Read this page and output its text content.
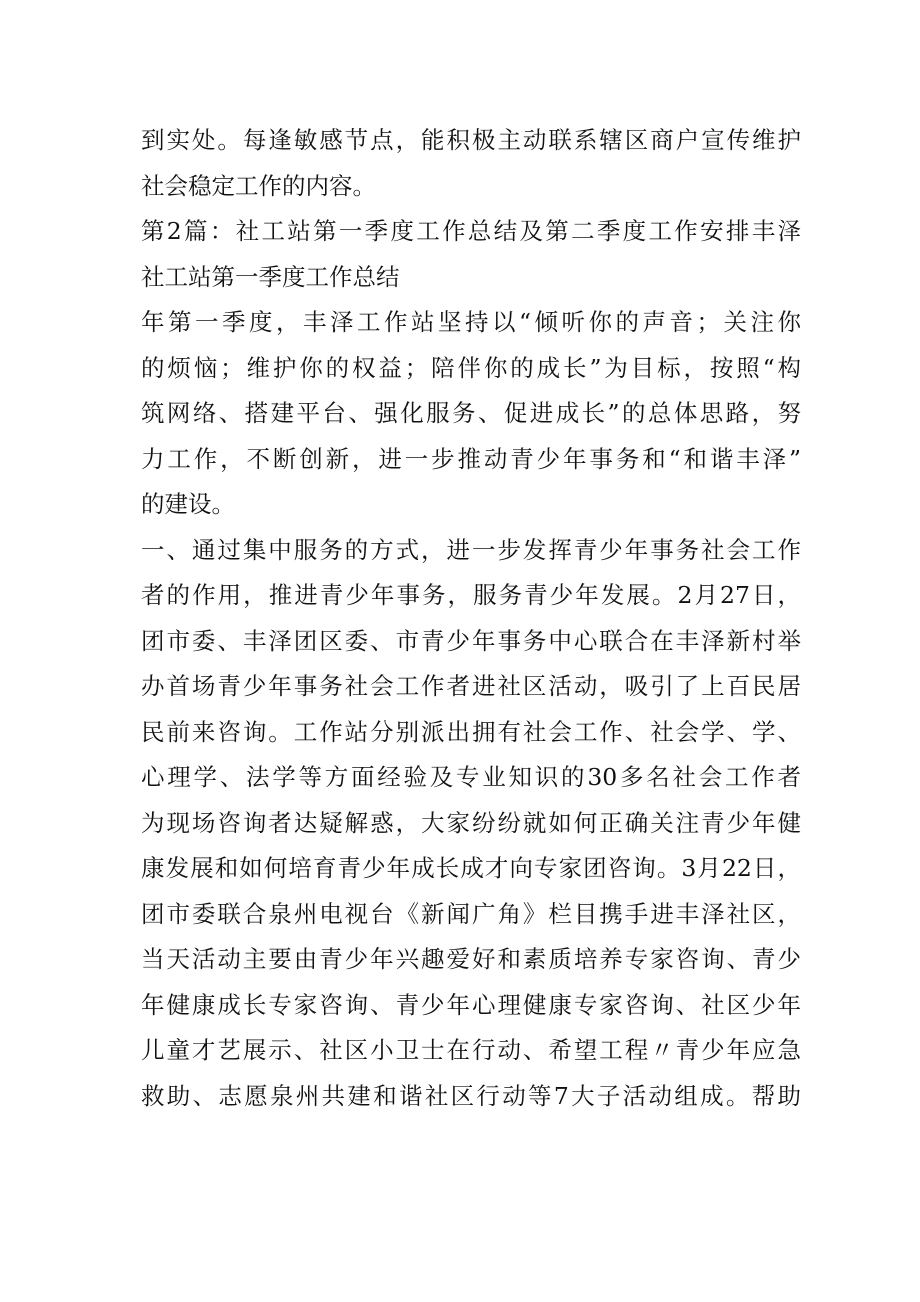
到实处。每逢敏感节点，能积极主动联系辖区商户宣传维护
社会稳定工作的内容。
第2篇：社工站第一季度工作总结及第二季度工作安排丰泽
社工站第一季度工作总结
年第一季度，丰泽工作站坚持以“倾听你的声音；关注你
的烦恼；维护你的权益；陪伴你的成长”为目标，按照“构
筑网络、搭建平台、强化服务、促进成长”的总体思路，努
力工作，不断创新，进一步推动青少年事务和“和谐丰泽”
的建设。
一、通过集中服务的方式，进一步发挥青少年事务社会工作
者的作用，推进青少年事务，服务青少年发展。2月27日，
团市委、丰泽团区委、市青少年事务中心联合在丰泽新村举
办首场青少年事务社会工作者进社区活动，吸引了上百民居
民前来咨询。工作站分别派出拥有社会工作、社会学、学、
心理学、法学等方面经验及专业知识的30多名社会工作者
为现场咨询者达疑解惑，大家纷纷就如何正确关注青少年健
康发展和如何培育青少年成长成才向专家团咨询。3月22日，
团市委联合泉州电视台《新闻广角》栏目携手进丰泽社区，
当天活动主要由青少年兴趣爱好和素质培养专家咨询、青少
年健康成长专家咨询、青少年心理健康专家咨询、社区少年
儿童才艺展示、社区小卫士在行动、希望工程〃青少年应急
救助、志愿泉州共建和谐社区行动等7大子活动组成。帮助
